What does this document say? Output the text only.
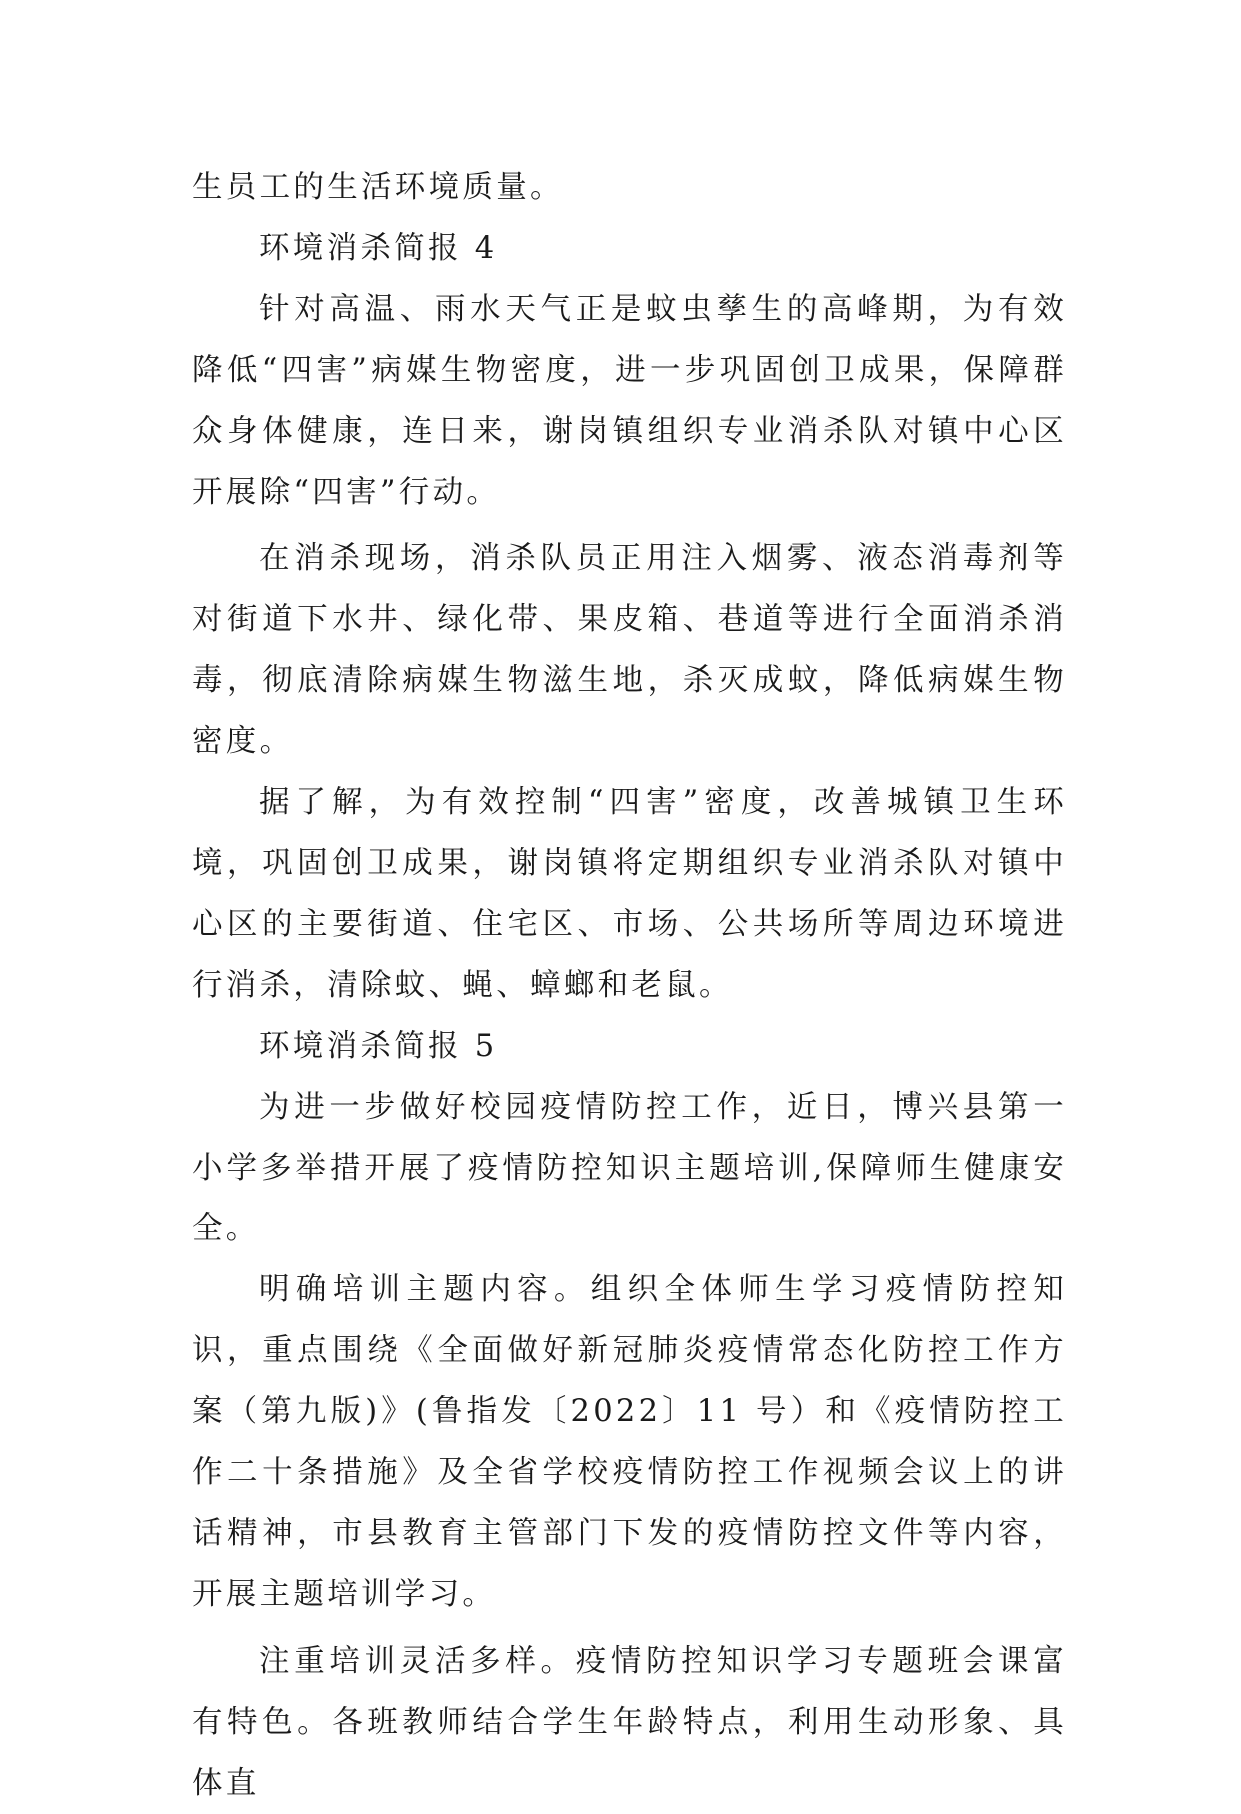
生员工的生活环境质量。

环境消杀简报 4

针对高温、雨水天气正是蚊虫孳生的高峰期，为有效降低“四害”病媒生物密度，进一步巩固创卫成果，保障群众身体健康，连日来，谢岗镇组织专业消杀队对镇中心区开展除“四害”行动。

在消杀现场，消杀队员正用注入烟雾、液态消毒剂等对街道下水井、绿化带、果皮箱、巷道等进行全面消杀消毒，彻底清除病媒生物滋生地，杀灭成蚊，降低病媒生物密度。

据了解，为有效控制“四害”密度，改善城镇卫生环境，巩固创卫成果，谢岗镇将定期组织专业消杀队对镇中心区的主要街道、住宅区、市场、公共场所等周边环境进行消杀，清除蚊、蝇、蟑螂和老鼠。

环境消杀简报 5

为进一步做好校园疫情防控工作，近日，博兴县第一小学多举措开展了疫情防控知识主题培训,保障师生健康安全。

明确培训主题内容。组织全体师生学习疫情防控知识，重点围绕《全面做好新冠肺炎疫情常态化防控工作方案（第九版)》(鲁指发〔2022〕11 号）和《疫情防控工作二十条措施》及全省学校疫情防控工作视频会议上的讲话精神，市县教育主管部门下发的疫情防控文件等内容，开展主题培训学习。

注重培训灵活多样。疫情防控知识学习专题班会课富有特色。各班教师结合学生年龄特点，利用生动形象、具体直
